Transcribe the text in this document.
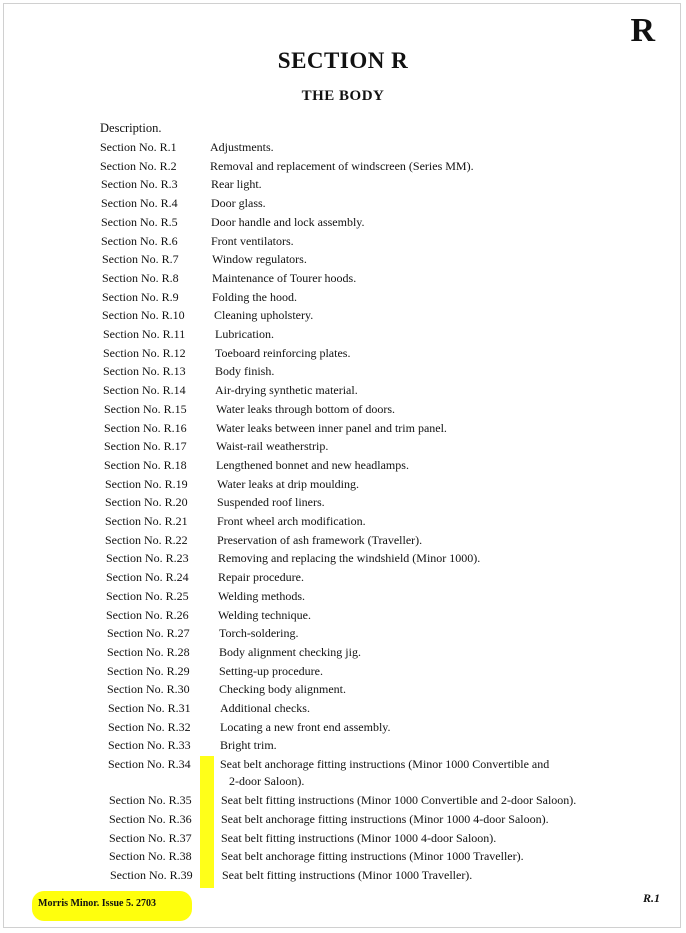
R
SECTION R
THE BODY
Description.
Section No. R.1	Adjustments.
Section No. R.2	Removal and replacement of windscreen (Series MM).
Section No. R.3	Rear light.
Section No. R.4	Door glass.
Section No. R.5	Door handle and lock assembly.
Section No. R.6	Front ventilators.
Section No. R.7	Window regulators.
Section No. R.8	Maintenance of Tourer hoods.
Section No. R.9	Folding the hood.
Section No. R.10 Cleaning upholstery.
Section No. R.11 Lubrication.
Section No. R.12 Toeboard reinforcing plates.
Section No. R.13 Body finish.
Section No. R.14 Air-drying synthetic material.
Section No. R.15 Water leaks through bottom of doors.
Section No. R.16 Water leaks between inner panel and trim panel.
Section No. R.17 Waist-rail weatherstrip.
Section No. R.18 Lengthened bonnet and new headlamps.
Section No. R.19 Water leaks at drip moulding.
Section No. R.20 Suspended roof liners.
Section No. R.21 Front wheel arch modification.
Section No. R.22 Preservation of ash framework (Traveller).
Section No. R.23 Removing and replacing the windshield (Minor 1000).
Section No. R.24 Repair procedure.
Section No. R.25 Welding methods.
Section No. R.26 Welding technique.
Section No. R.27 Torch-soldering.
Section No. R.28 Body alignment checking jig.
Section No. R.29 Setting-up procedure.
Section No. R.30 Checking body alignment.
Section No. R.31 Additional checks.
Section No. R.32 Locating a new front end assembly.
Section No. R.33 Bright trim.
Section No. R.34 Seat belt anchorage fitting instructions (Minor 1000 Convertible and
2-door Saloon).
Section No. R.35 Seat belt fitting instructions (Minor 1000 Convertible and 2-door Saloon).
Section No. R.36 Seat belt anchorage fitting instructions (Minor 1000 4-door Saloon).
Section No. R.37 Seat belt fitting instructions (Minor 1000 4-door Saloon).
Section No. R.38 Seat belt anchorage fitting instructions (Minor 1000 Traveller).
Section No. R.39 Seat belt fitting instructions (Minor 1000 Traveller).
Morris Minor. Issue 5. 2703	R.1
